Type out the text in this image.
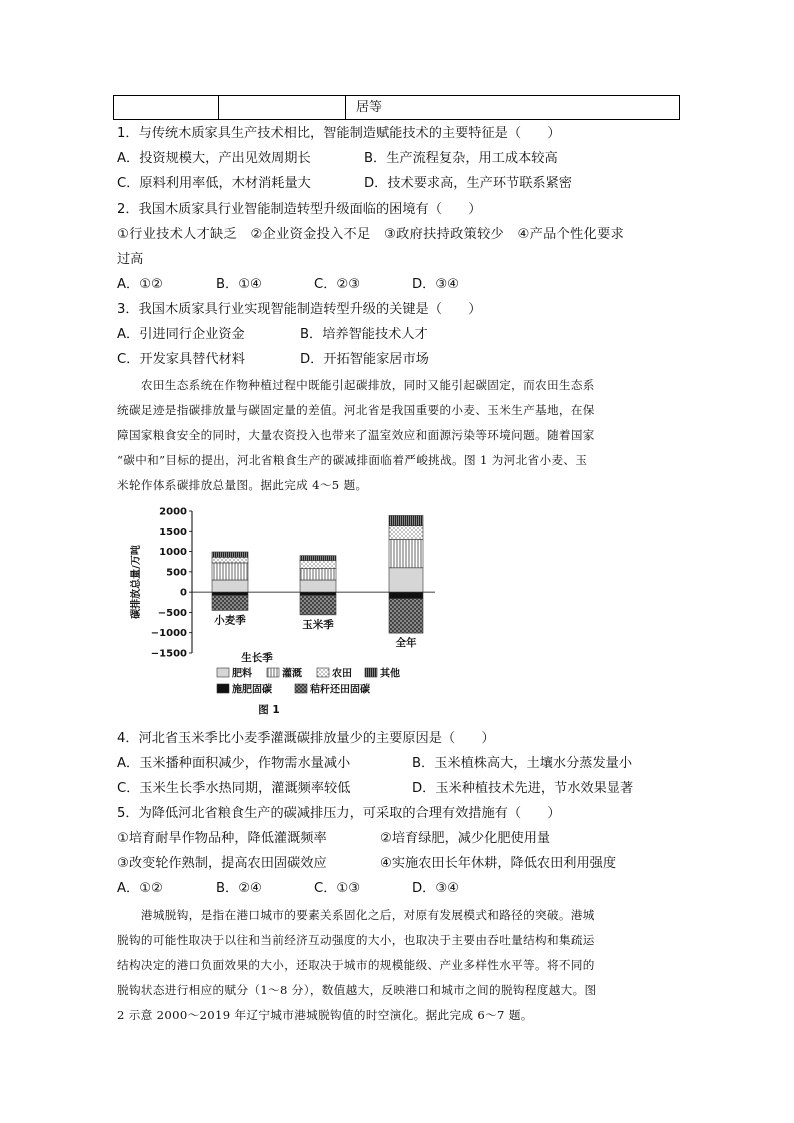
居等
1．与传统木质家具生产技术相比，智能制造赋能技术的主要特征是（　　）
A．投资规模大，产出见效周期长	B．生产流程复杂，用工成本较高
C．原料利用率低，木材消耗量大	D．技术要求高，生产环节联系紧密
2．我国木质家具行业智能制造转型升级面临的困境有（　　）
①行业技术人才缺乏　②企业资金投入不足　③政府扶持政策较少　④产品个性化要求
过高
A．①②	B．①④	C．②③	D．③④
3．我国木质家具行业实现智能制造转型升级的关键是（　　）
A．引进同行企业资金	B．培养智能技术人才
C．开发家具替代材料	D．开拓智能家居市场
　　农田生态系统在作物种植过程中既能引起碳排放，同时又能引起碳固定，而农田生态系
统碳足迹是指碳排放量与碳固定量的差值。河北省是我国重要的小麦、玉米生产基地，在保
障国家粮食安全的同时，大量农资投入也带来了温室效应和面源污染等环境问题。随着国家
“碳中和”目标的提出，河北省粮食生产的碳减排面临着严峻挑战。图 1 为河北省小麦、玉
米轮作体系碳排放总量图。据此完成 4～5 题。
2000
1500
1000
500
0
−500
−1000
−1500
碳排放总量/万吨
小麦季	玉米季
全年
生长季
肥料	灌溉	农田	其他
施肥固碳	秸秆还田固碳
图 1
4．河北省玉米季比小麦季灌溉碳排放量少的主要原因是（　　）
A．玉米播种面积减少，作物需水量减小	B．玉米植株高大，土壤水分蒸发量小
C．玉米生长季水热同期，灌溉频率较低	D．玉米种植技术先进，节水效果显著
5．为降低河北省粮食生产的碳减排压力，可采取的合理有效措施有（　　）
①培育耐旱作物品种，降低灌溉频率	②培育绿肥，减少化肥使用量
③改变轮作熟制，提高农田固碳效应	④实施农田长年休耕，降低农田利用强度
A．①②	B．②④	C．①③	D．③④
　　港城脱钩，是指在港口城市的要素关系固化之后，对原有发展模式和路径的突破。港城
脱钩的可能性取决于以往和当前经济互动强度的大小，也取决于主要由吞吐量结构和集疏运
结构决定的港口负面效果的大小，还取决于城市的规模能级、产业多样性水平等。将不同的
脱钩状态进行相应的赋分（1～8 分），数值越大，反映港口和城市之间的脱钩程度越大。图
2 示意 2000～2019 年辽宁城市港城脱钩值的时空演化。据此完成 6～7 题。
